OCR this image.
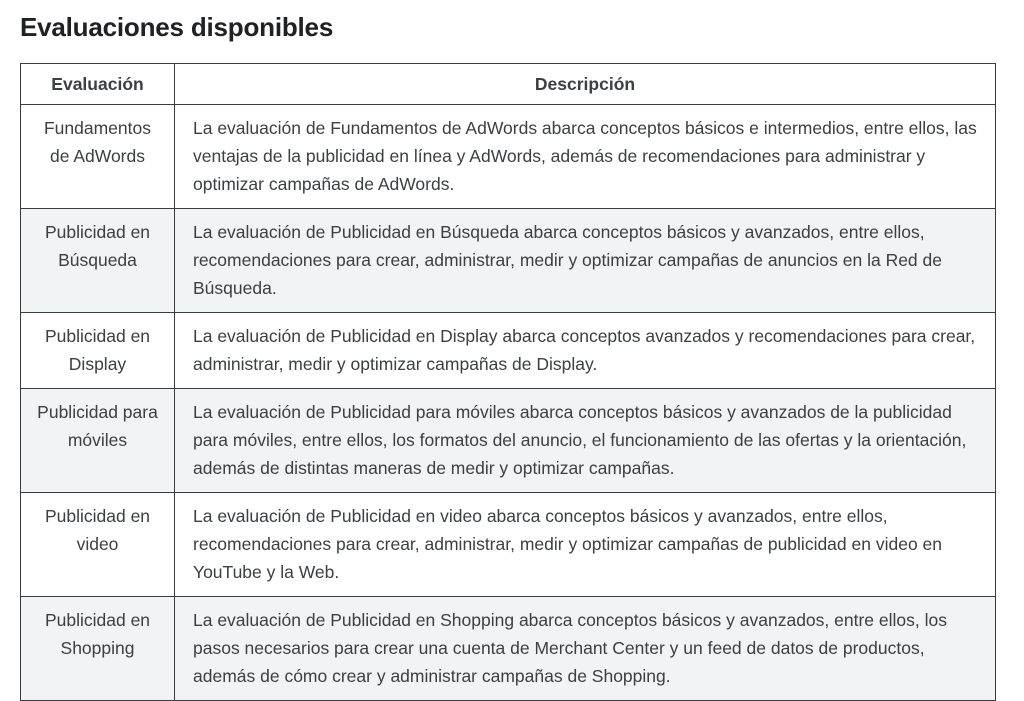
Evaluaciones disponibles
Evaluación	Descripción
Fundamentos de AdWords	La evaluación de Fundamentos de AdWords abarca conceptos básicos e intermedios, entre ellos, las ventajas de la publicidad en línea y AdWords, además de recomendaciones para administrar y optimizar campañas de AdWords.
Publicidad en Búsqueda	La evaluación de Publicidad en Búsqueda abarca conceptos básicos y avanzados, entre ellos, recomendaciones para crear, administrar, medir y optimizar campañas de anuncios en la Red de Búsqueda.
Publicidad en Display	La evaluación de Publicidad en Display abarca conceptos avanzados y recomendaciones para crear, administrar, medir y optimizar campañas de Display.
Publicidad para móviles	La evaluación de Publicidad para móviles abarca conceptos básicos y avanzados de la publicidad para móviles, entre ellos, los formatos del anuncio, el funcionamiento de las ofertas y la orientación, además de distintas maneras de medir y optimizar campañas.
Publicidad en video	La evaluación de Publicidad en video abarca conceptos básicos y avanzados, entre ellos, recomendaciones para crear, administrar, medir y optimizar campañas de publicidad en video en YouTube y la Web.
Publicidad en Shopping	La evaluación de Publicidad en Shopping abarca conceptos básicos y avanzados, entre ellos, los pasos necesarios para crear una cuenta de Merchant Center y un feed de datos de productos, además de cómo crear y administrar campañas de Shopping.
